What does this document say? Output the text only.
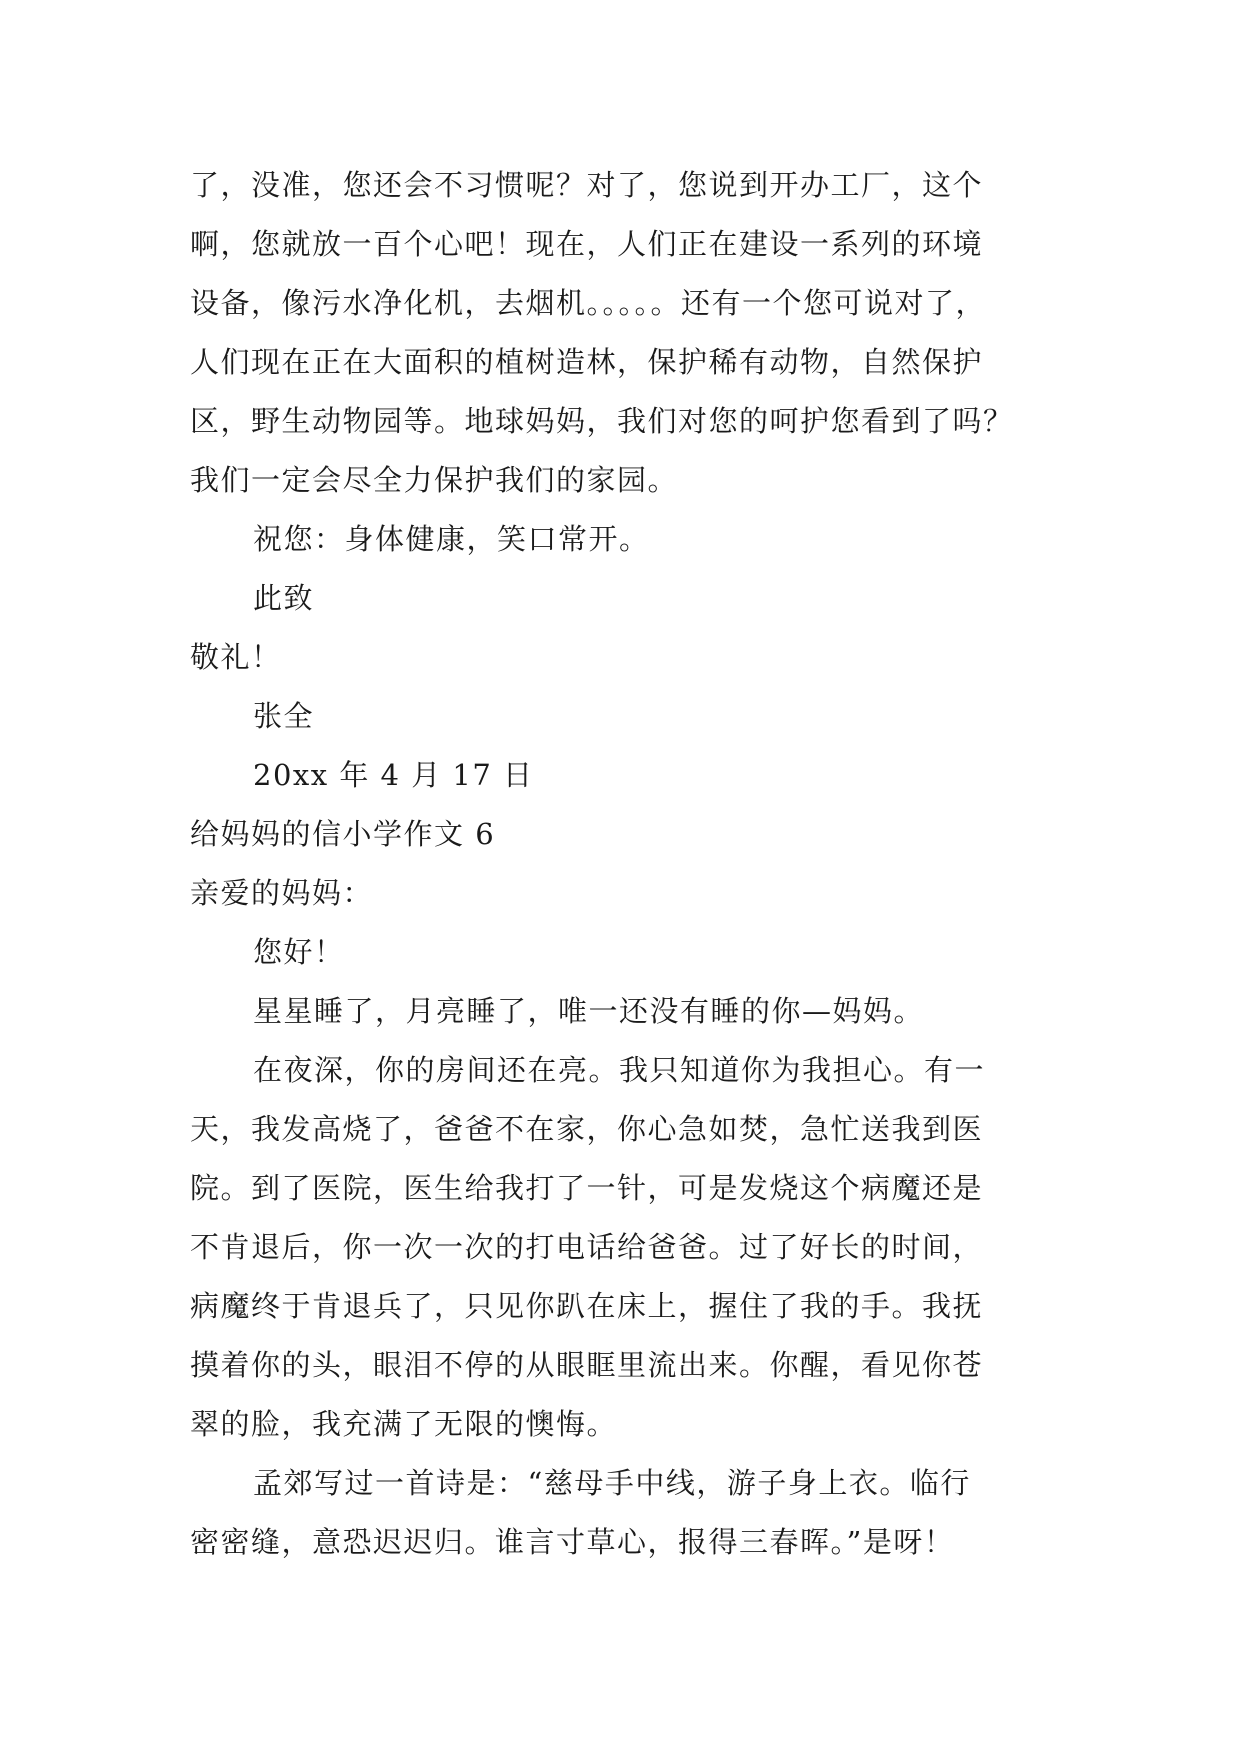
了，没准，您还会不习惯呢？对了，您说到开办工厂，这个
啊，您就放一百个心吧！现在，人们正在建设一系列的环境
设备，像污水净化机，去烟机。。。。。还有一个您可说对了，
人们现在正在大面积的植树造林，保护稀有动物，自然保护
区，野生动物园等。地球妈妈，我们对您的呵护您看到了吗？
我们一定会尽全力保护我们的家园。
祝您：身体健康，笑口常开。
此致
敬礼！
张全
20xx 年 4 月 17 日
给妈妈的信小学作文 6
亲爱的妈妈：
您好！
星星睡了，月亮睡了，唯一还没有睡的你—妈妈。
在夜深，你的房间还在亮。我只知道你为我担心。有一
天，我发高烧了，爸爸不在家，你心急如焚，急忙送我到医
院。到了医院，医生给我打了一针，可是发烧这个病魔还是
不肯退后，你一次一次的打电话给爸爸。过了好长的时间，
病魔终于肯退兵了，只见你趴在床上，握住了我的手。我抚
摸着你的头，眼泪不停的从眼眶里流出来。你醒，看见你苍
翠的脸，我充满了无限的懊悔。
孟郊写过一首诗是：“慈母手中线，游子身上衣。临行
密密缝，意恐迟迟归。谁言寸草心，报得三春晖。”是呀！
